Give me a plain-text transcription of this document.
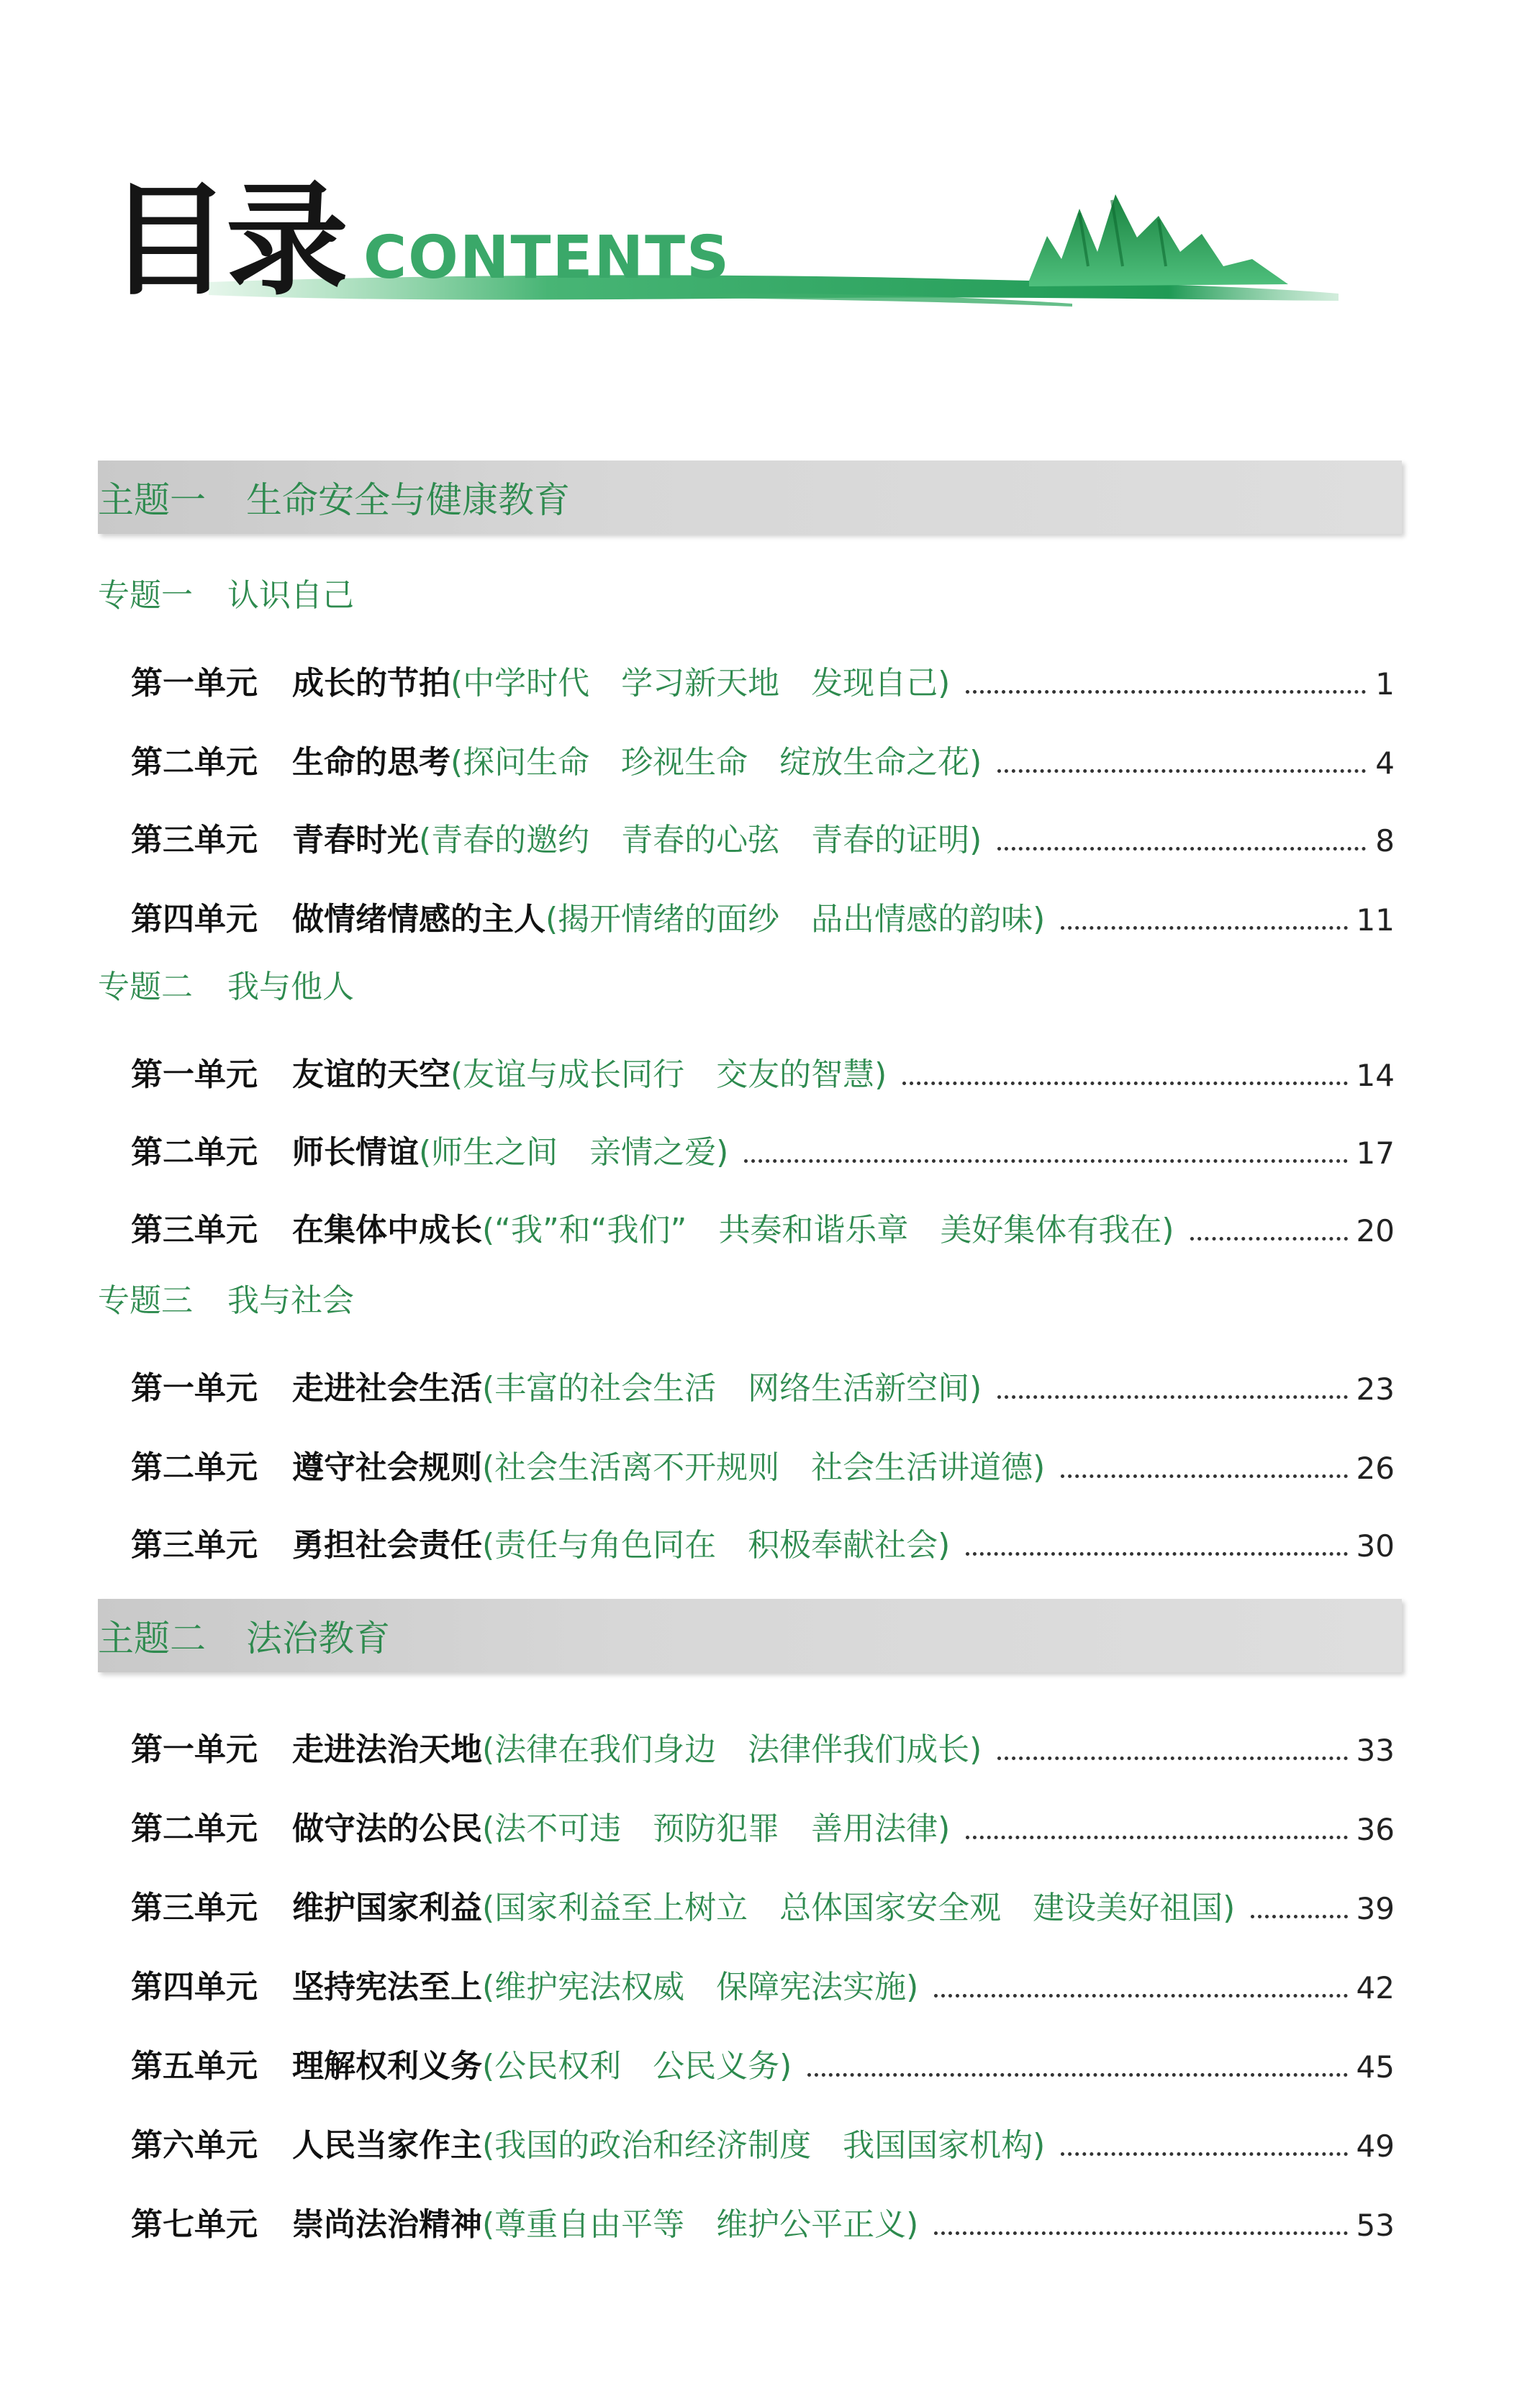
目录 CONTENTS
主题一 生命安全与健康教育
专题一 认识自己
第一单元 成长的节拍 (中学时代　学习新天地　发现自己)	1
第二单元 生命的思考 (探问生命　珍视生命　绽放生命之花)	4
第三单元 青春时光 (青春的邀约　青春的心弦　青春的证明)	8
第四单元 做情绪情感的主人 (揭开情绪的面纱　品出情感的韵味)	11
专题二 我与他人
第一单元 友谊的天空 (友谊与成长同行　交友的智慧)	14
第二单元 师长情谊 (师生之间　亲情之爱)	17
第三单元 在集体中成长 (“我”和“我们”　共奏和谐乐章　美好集体有我在)	20
专题三 我与社会
第一单元 走进社会生活 (丰富的社会生活　网络生活新空间)	23
第二单元 遵守社会规则 (社会生活离不开规则　社会生活讲道德)	26
第三单元 勇担社会责任 (责任与角色同在　积极奉献社会)	30
主题二 法治教育
第一单元 走进法治天地 (法律在我们身边　法律伴我们成长)	33
第二单元 做守法的公民 (法不可违　预防犯罪　善用法律)	36
第三单元 维护国家利益 (国家利益至上树立　总体国家安全观　建设美好祖国)	39
第四单元 坚持宪法至上 (维护宪法权威　保障宪法实施)	42
第五单元 理解权利义务 (公民权利　公民义务)	45
第六单元 人民当家作主 (我国的政治和经济制度　我国国家机构)	49
第七单元 崇尚法治精神 (尊重自由平等　维护公平正义)	53
